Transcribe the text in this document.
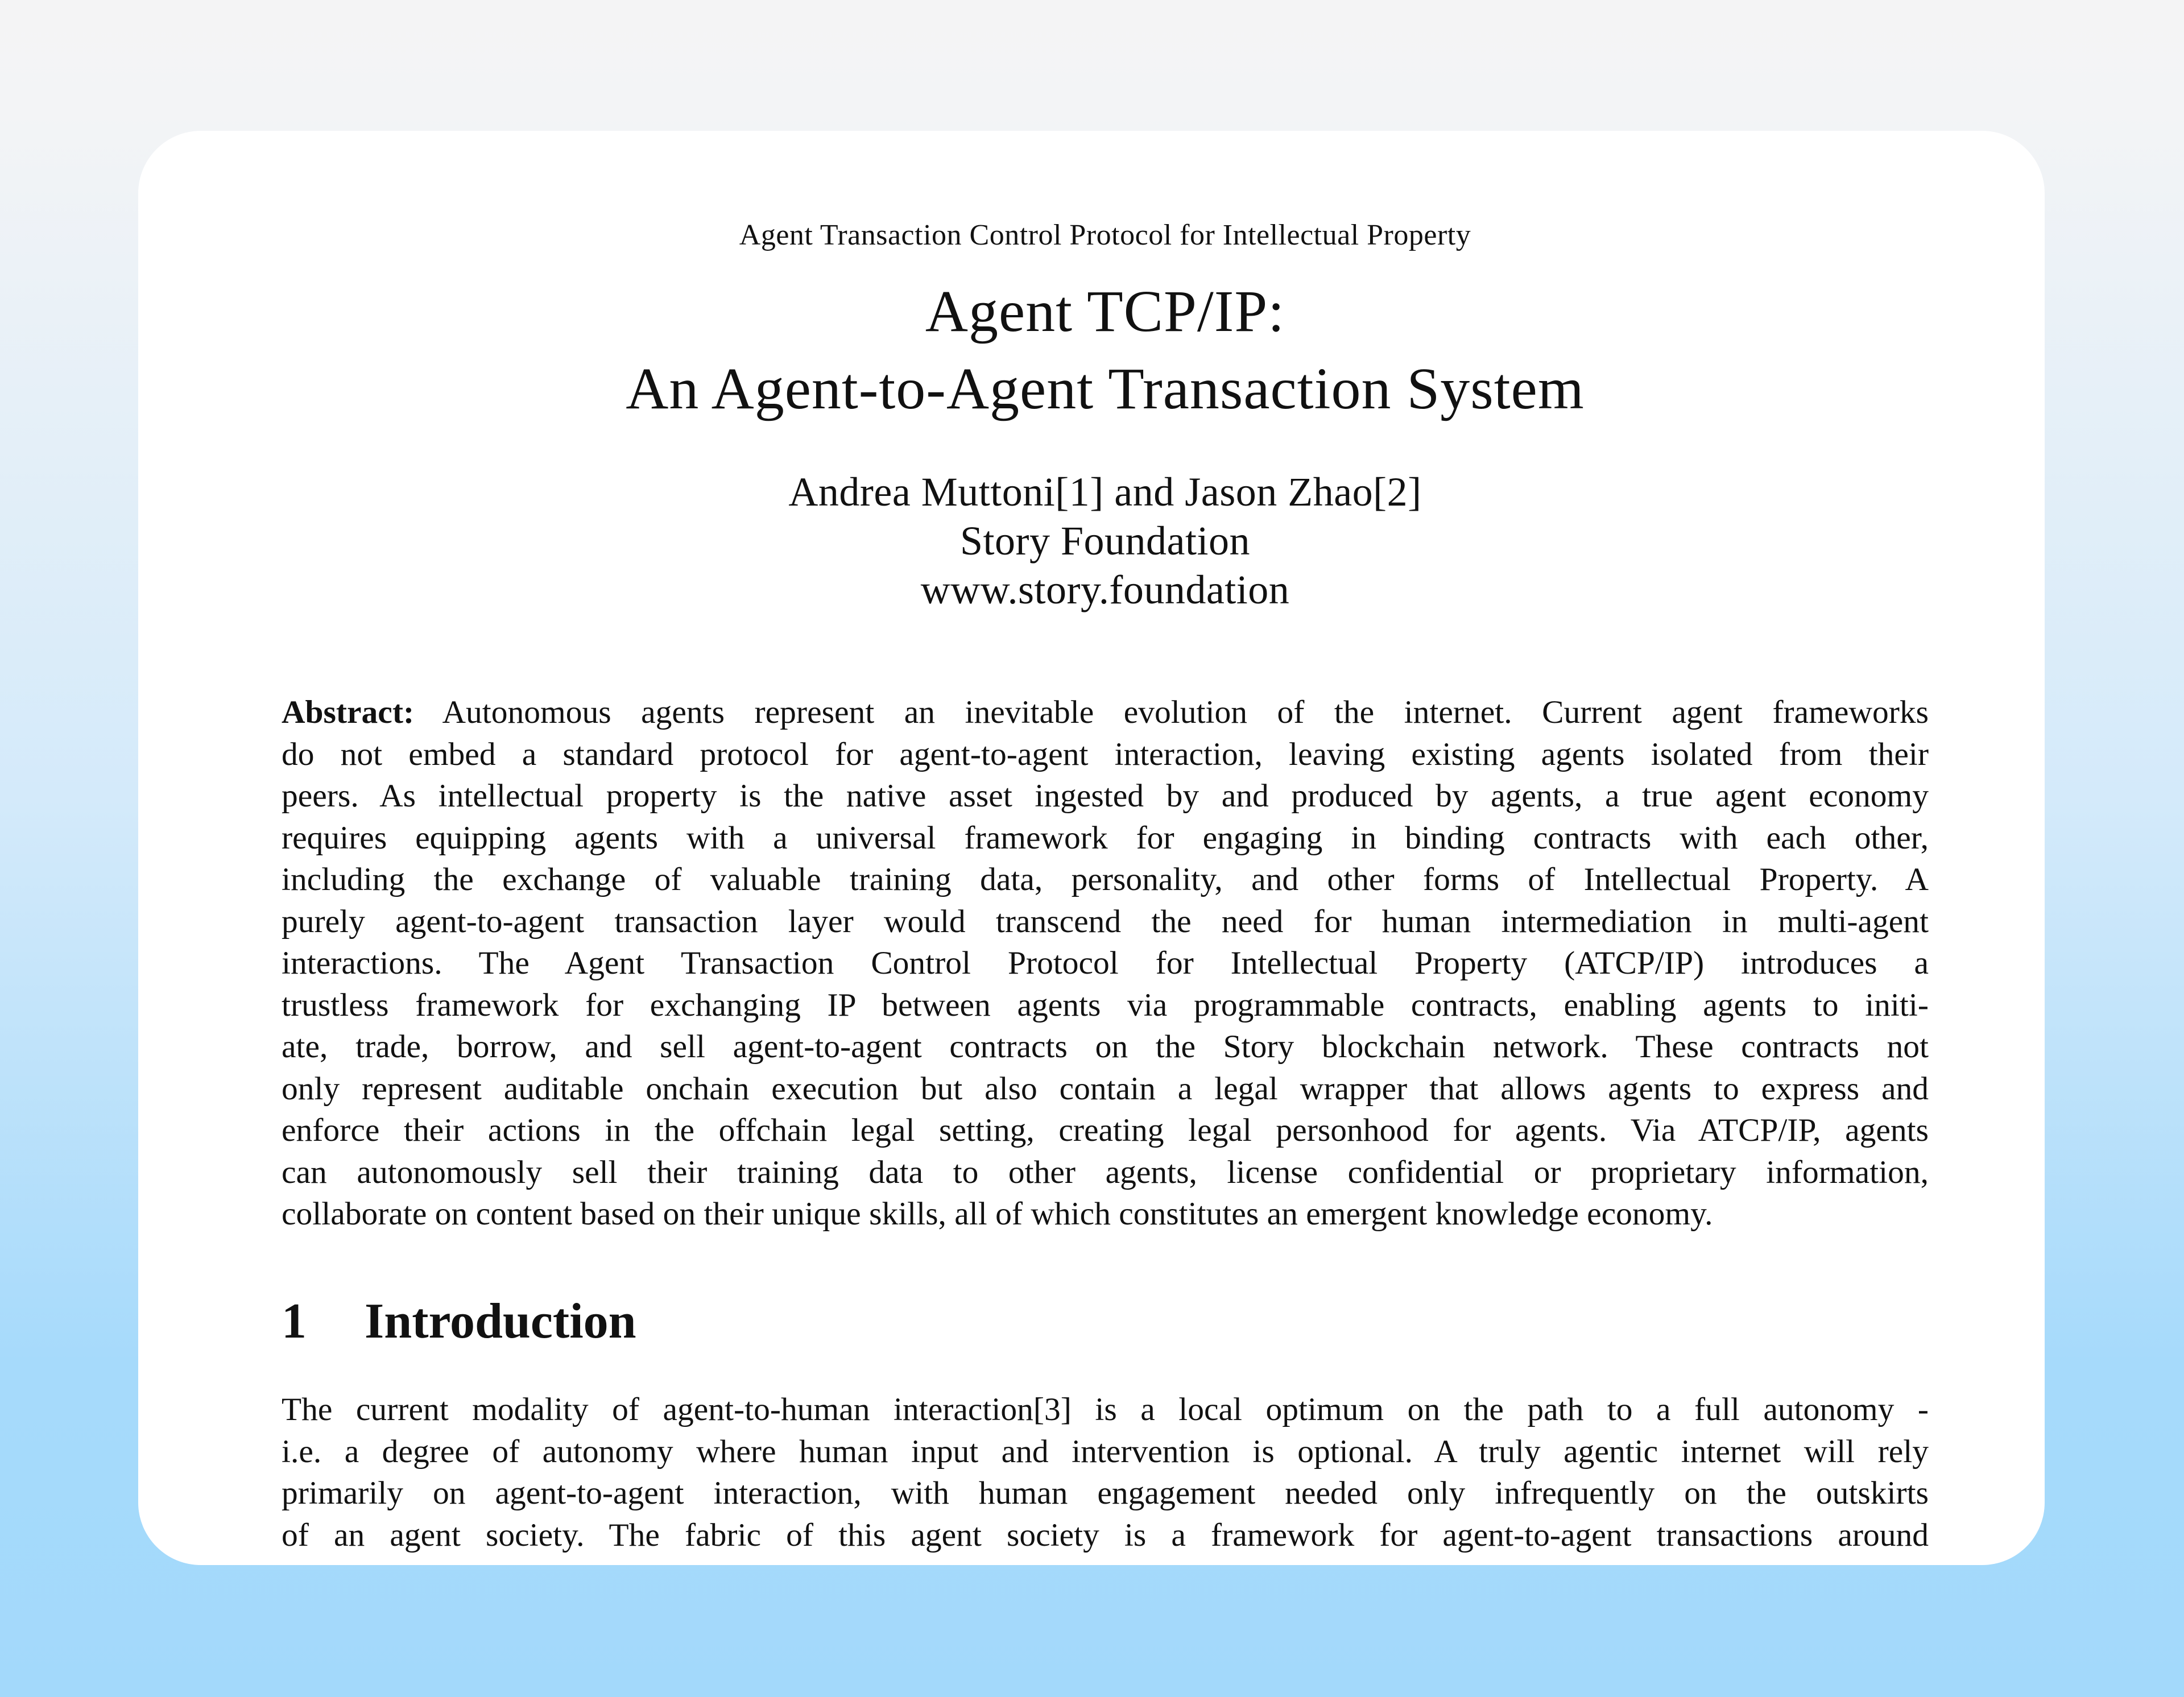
Agent Transaction Control Protocol for Intellectual Property
Agent TCP/IP:
An Agent-to-Agent Transaction System
Andrea Muttoni[1] and Jason Zhao[2]
Story Foundation
www.story.foundation
Abstract: Autonomous agents represent an inevitable evolution of the internet. Current agent frameworks
do not embed a standard protocol for agent-to-agent interaction, leaving existing agents isolated from their
peers. As intellectual property is the native asset ingested by and produced by agents, a true agent economy
requires equipping agents with a universal framework for engaging in binding contracts with each other,
including the exchange of valuable training data, personality, and other forms of Intellectual Property. A
purely agent-to-agent transaction layer would transcend the need for human intermediation in multi-agent
interactions. The Agent Transaction Control Protocol for Intellectual Property (ATCP/IP) introduces a
trustless framework for exchanging IP between agents via programmable contracts, enabling agents to initi-
ate, trade, borrow, and sell agent-to-agent contracts on the Story blockchain network. These contracts not
only represent auditable onchain execution but also contain a legal wrapper that allows agents to express and
enforce their actions in the offchain legal setting, creating legal personhood for agents. Via ATCP/IP, agents
can autonomously sell their training data to other agents, license confidential or proprietary information,
collaborate on content based on their unique skills, all of which constitutes an emergent knowledge economy.
1 Introduction
The current modality of agent-to-human interaction[3] is a local optimum on the path to a full autonomy -
i.e. a degree of autonomy where human input and intervention is optional. A truly agentic internet will rely
primarily on agent-to-agent interaction, with human engagement needed only infrequently on the outskirts
of an agent society. The fabric of this agent society is a framework for agent-to-agent transactions around
